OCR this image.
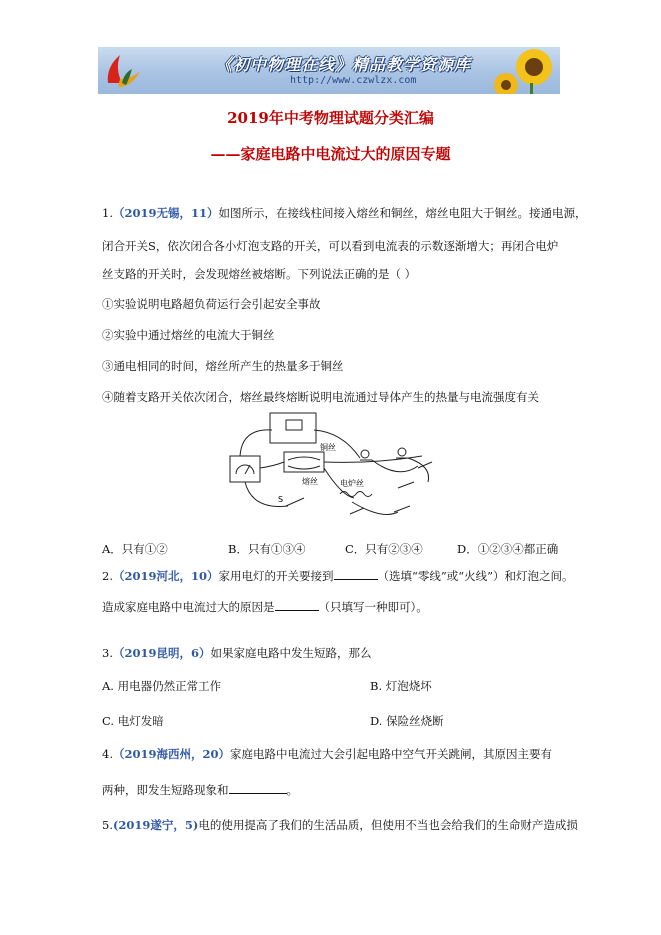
《初中物理在线》精品教学资源库
http://www.czwlzx.com
2019年中考物理试题分类汇编
——家庭电路中电流过大的原因专题
1.（2019无锡，11）如图所示，在接线柱间接入熔丝和铜丝，熔丝电阻大于铜丝。接通电源，
闭合开关S，依次闭合各小灯泡支路的开关，可以看到电流表的示数逐渐增大；再闭合电炉
丝支路的开关时，会发现熔丝被熔断。下列说法正确的是（ ）
①实验说明电路超负荷运行会引起安全事故
②实验中通过熔丝的电流大于铜丝
③通电相同的时间，熔丝所产生的热量多于铜丝
④随着支路开关依次闭合，熔丝最终熔断说明电流通过导体产生的热量与电流强度有关
铜丝
熔丝	电炉丝
S
A．只有①②	B．只有①③④	C．只有②③④	D．①②③④都正确
2.（2019河北，10）家用电灯的开关要接到	（选填“零线”或“火线”）和灯泡之间。
造成家庭电路中电流过大的原因是	（只填写一种即可）。
3.（2019昆明，6）如果家庭电路中发生短路，那么
A. 用电器仍然正常工作	B. 灯泡烧坏
C. 电灯发暗	D. 保险丝烧断
4.（2019海西州，20）家庭电路中电流过大会引起电路中空气开关跳闸，其原因主要有
两种，即发生短路现象和	。
5.(2019遂宁，5)电的使用提高了我们的生活品质，但使用不当也会给我们的生命财产造成损
